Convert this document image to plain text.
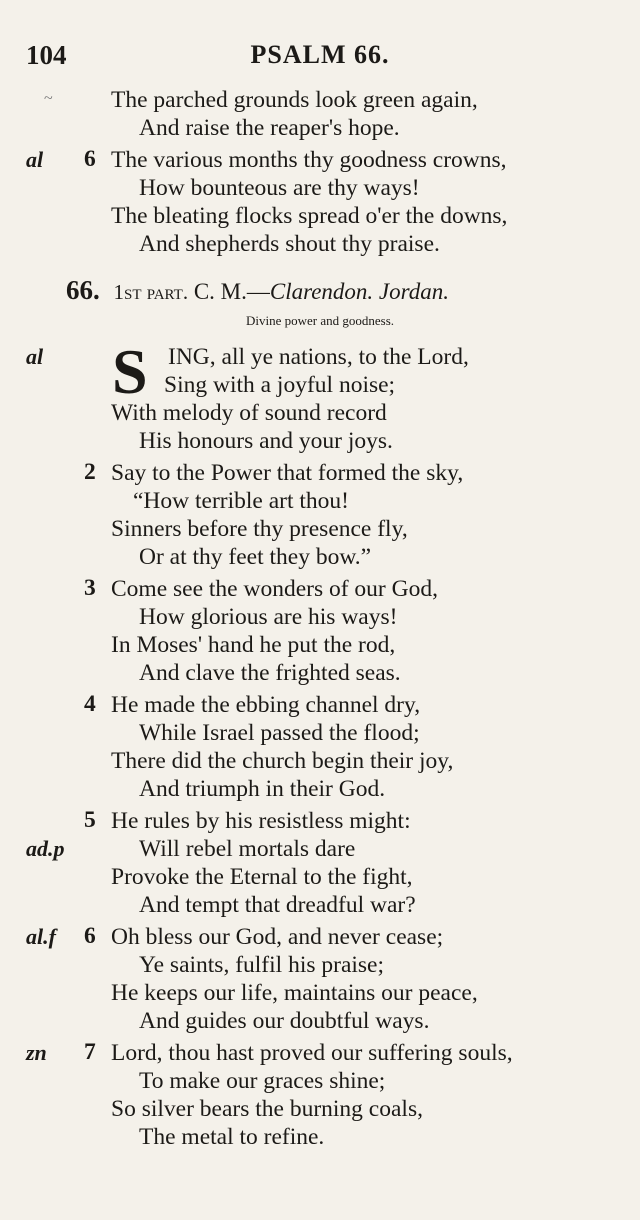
104	PSALM 66.
~ The parched grounds look green again,
And raise the reaper's hope.
al 6 The various months thy goodness crowns,
How bounteous are thy ways!
The bleating flocks spread o'er the downs,
And shepherds shout thy praise.
66. 1st part. C. M.—Clarendon. Jordan.
Divine power and goodness.
al S ING, all ye nations, to the Lord,
Sing with a joyful noise;
With melody of sound record
His honours and your joys.
2 Say to the Power that formed the sky,
“How terrible art thou!
Sinners before thy presence fly,
Or at thy feet they bow.”
3 Come see the wonders of our God,
How glorious are his ways!
In Moses' hand he put the rod,
And clave the frighted seas.
4 He made the ebbing channel dry,
While Israel passed the flood;
There did the church begin their joy,
And triumph in their God.
5 He rules by his resistless might:
ad.p	Will rebel mortals dare
Provoke the Eternal to the fight,
And tempt that dreadful war?
al.f 6 Oh bless our God, and never cease;
Ye saints, fulfil his praise;
He keeps our life, maintains our peace,
And guides our doubtful ways.
zn 7 Lord, thou hast proved our suffering souls,
To make our graces shine;
So silver bears the burning coals,
The metal to refine.
